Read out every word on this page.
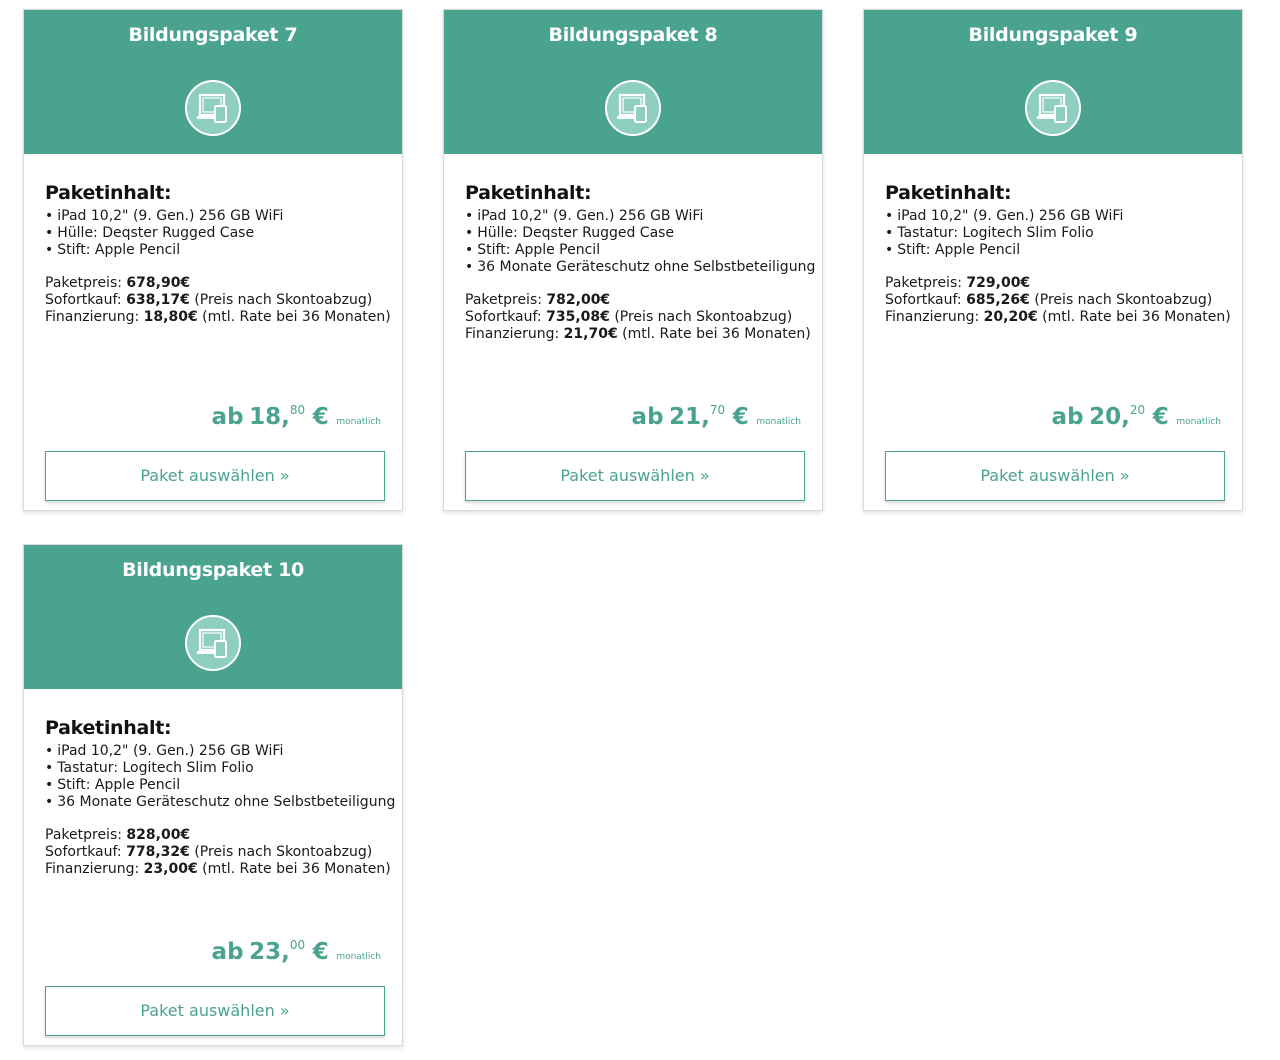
Bildungspaket 7
Paketinhalt:
• iPad 10,2" (9. Gen.) 256 GB WiFi
• Hülle: Deqster Rugged Case
• Stift: Apple Pencil
Paketpreis: 678,90€
Sofortkauf: 638,17€ (Preis nach Skontoabzug)
Finanzierung: 18,80€ (mtl. Rate bei 36 Monaten)
ab 18,80 € monatlich
Paket auswählen »
Bildungspaket 8
Paketinhalt:
• iPad 10,2" (9. Gen.) 256 GB WiFi
• Hülle: Deqster Rugged Case
• Stift: Apple Pencil
• 36 Monate Geräteschutz ohne Selbstbeteiligung
Paketpreis: 782,00€
Sofortkauf: 735,08€ (Preis nach Skontoabzug)
Finanzierung: 21,70€ (mtl. Rate bei 36 Monaten)
ab 21,70 € monatlich
Paket auswählen »
Bildungspaket 9
Paketinhalt:
• iPad 10,2" (9. Gen.) 256 GB WiFi
• Tastatur: Logitech Slim Folio
• Stift: Apple Pencil
Paketpreis: 729,00€
Sofortkauf: 685,26€ (Preis nach Skontoabzug)
Finanzierung: 20,20€ (mtl. Rate bei 36 Monaten)
ab 20,20 € monatlich
Paket auswählen »
Bildungspaket 10
Paketinhalt:
• iPad 10,2" (9. Gen.) 256 GB WiFi
• Tastatur: Logitech Slim Folio
• Stift: Apple Pencil
• 36 Monate Geräteschutz ohne Selbstbeteiligung
Paketpreis: 828,00€
Sofortkauf: 778,32€ (Preis nach Skontoabzug)
Finanzierung: 23,00€ (mtl. Rate bei 36 Monaten)
ab 23,00 € monatlich
Paket auswählen »
